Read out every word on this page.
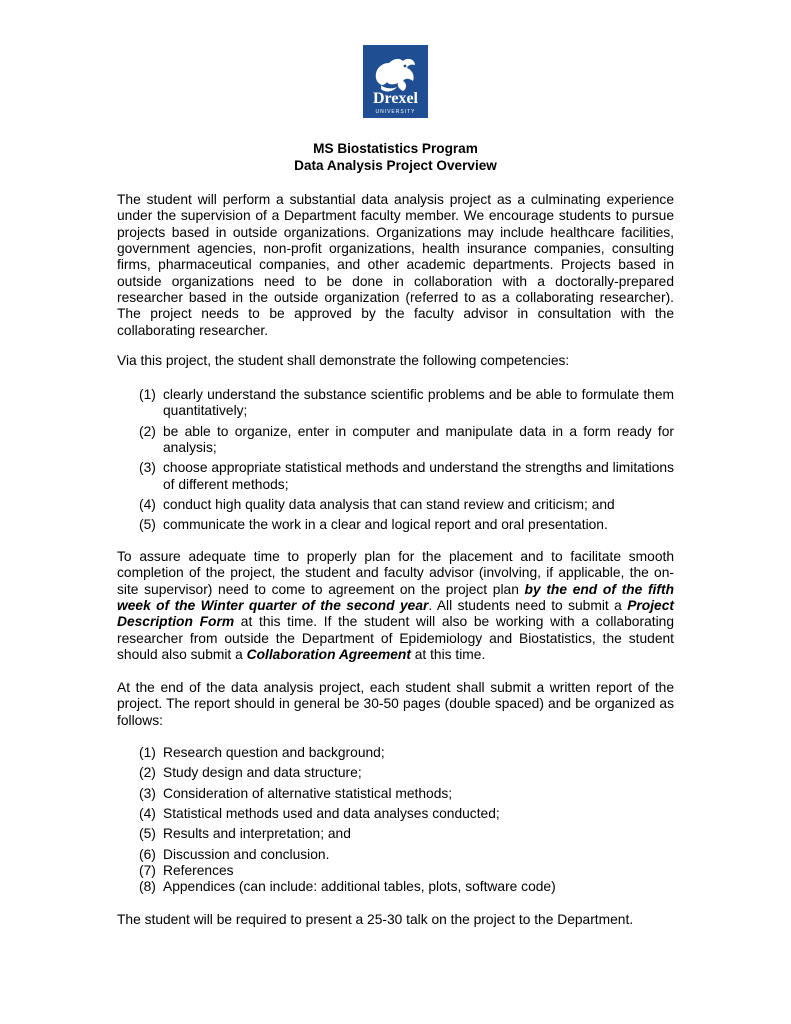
Drexel
UNIVERSITY
MS Biostatistics Program
Data Analysis Project Overview

The student will perform a substantial data analysis project as a culminating experience under the supervision of a Department faculty member. We encourage students to pursue projects based in outside organizations. Organizations may include healthcare facilities, government agencies, non-profit organizations, health insurance companies, consulting firms, pharmaceutical companies, and other academic departments. Projects based in outside organizations need to be done in collaboration with a doctorally-prepared researcher based in the outside organization (referred to as a collaborating researcher). The project needs to be approved by the faculty advisor in consultation with the collaborating researcher.

Via this project, the student shall demonstrate the following competencies:

(1) clearly understand the substance scientific problems and be able to formulate them quantitatively;
(2) be able to organize, enter in computer and manipulate data in a form ready for analysis;
(3) choose appropriate statistical methods and understand the strengths and limitations of different methods;
(4) conduct high quality data analysis that can stand review and criticism; and
(5) communicate the work in a clear and logical report and oral presentation.

To assure adequate time to properly plan for the placement and to facilitate smooth completion of the project, the student and faculty advisor (involving, if applicable, the on-site supervisor) need to come to agreement on the project plan by the end of the fifth week of the Winter quarter of the second year. All students need to submit a Project Description Form at this time. If the student will also be working with a collaborating researcher from outside the Department of Epidemiology and Biostatistics, the student should also submit a Collaboration Agreement at this time.

At the end of the data analysis project, each student shall submit a written report of the project. The report should in general be 30-50 pages (double spaced) and be organized as follows:

(1) Research question and background;
(2) Study design and data structure;
(3) Consideration of alternative statistical methods;
(4) Statistical methods used and data analyses conducted;
(5) Results and interpretation; and
(6) Discussion and conclusion.
(7) References
(8) Appendices (can include: additional tables, plots, software code)

The student will be required to present a 25-30 talk on the project to the Department.
